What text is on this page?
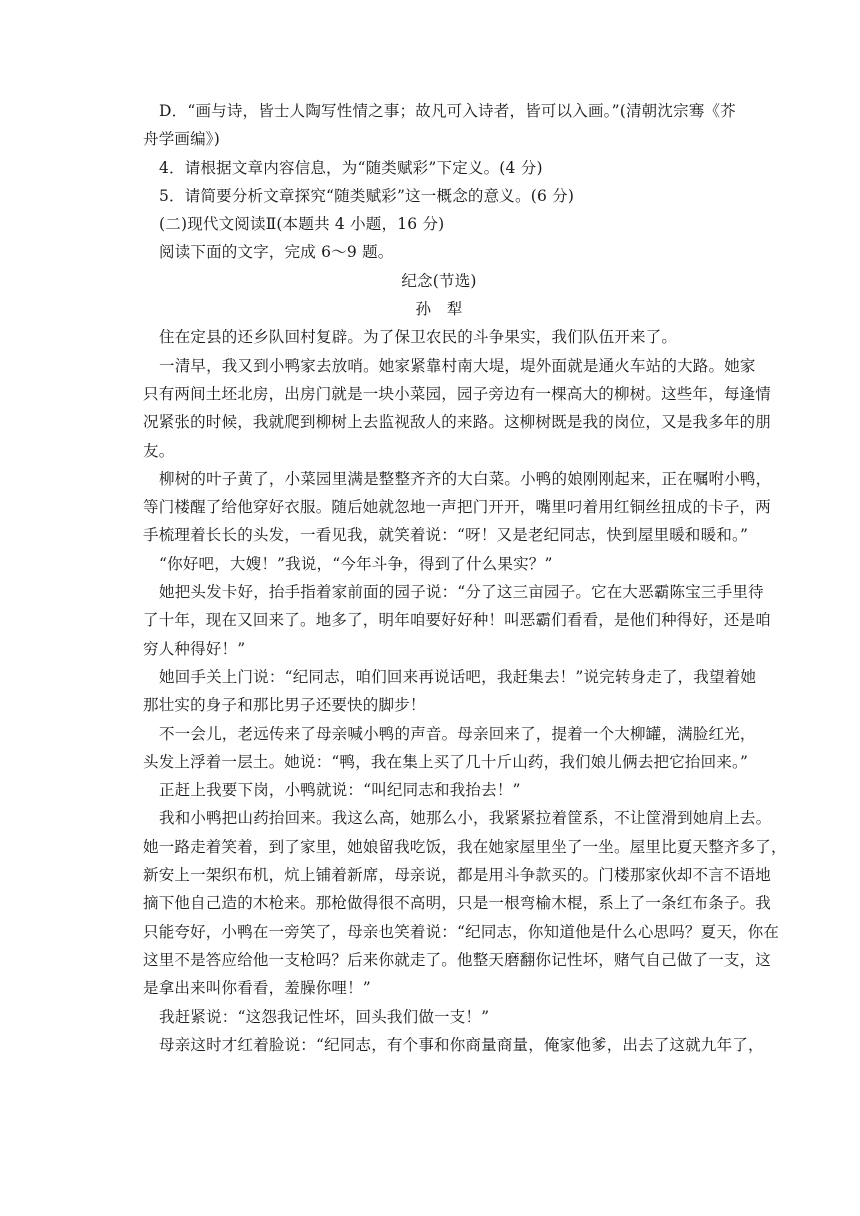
D．“画与诗，皆士人陶写性情之事；故凡可入诗者，皆可以入画。”(清朝沈宗骞《芥
舟学画编》)
4．请根据文章内容信息，为“随类赋彩”下定义。(4 分)
5．请简要分析文章探究“随类赋彩”这一概念的意义。(6 分)
(二)现代文阅读Ⅱ(本题共 4 小题，16 分)
阅读下面的文字，完成 6～9 题。
纪念(节选)
孙　犁
住在定县的还乡队回村复辟。为了保卫农民的斗争果实，我们队伍开来了。
一清早，我又到小鸭家去放哨。她家紧靠村南大堤，堤外面就是通火车站的大路。她家
只有两间土坯北房，出房门就是一块小菜园，园子旁边有一棵高大的柳树。这些年，每逢情
况紧张的时候，我就爬到柳树上去监视敌人的来路。这柳树既是我的岗位，又是我多年的朋
友。
柳树的叶子黄了，小菜园里满是整整齐齐的大白菜。小鸭的娘刚刚起来，正在嘱咐小鸭，
等门楼醒了给他穿好衣服。随后她就忽地一声把门开开，嘴里叼着用红铜丝扭成的卡子，两
手梳理着长长的头发，一看见我，就笑着说：“呀！又是老纪同志，快到屋里暖和暖和。”
“你好吧，大嫂！”我说，“今年斗争，得到了什么果实？”
她把头发卡好，抬手指着家前面的园子说：“分了这三亩园子。它在大恶霸陈宝三手里待
了十年，现在又回来了。地多了，明年咱要好好种！叫恶霸们看看，是他们种得好，还是咱
穷人种得好！”
她回手关上门说：“纪同志，咱们回来再说话吧，我赶集去！”说完转身走了，我望着她
那壮实的身子和那比男子还要快的脚步！
不一会儿，老远传来了母亲喊小鸭的声音。母亲回来了，提着一个大柳罐，满脸红光，
头发上浮着一层土。她说：“鸭，我在集上买了几十斤山药，我们娘儿俩去把它抬回来。”
正赶上我要下岗，小鸭就说：“叫纪同志和我抬去！”
我和小鸭把山药抬回来。我这么高，她那么小，我紧紧拉着筐系，不让筐滑到她肩上去。
她一路走着笑着，到了家里，她娘留我吃饭，我在她家屋里坐了一坐。屋里比夏天整齐多了，
新安上一架织布机，炕上铺着新席，母亲说，都是用斗争款买的。门楼那家伙却不言不语地
摘下他自己造的木枪来。那枪做得很不高明，只是一根弯榆木棍，系上了一条红布条子。我
只能夸好，小鸭在一旁笑了，母亲也笑着说：“纪同志，你知道他是什么心思吗？夏天，你在
这里不是答应给他一支枪吗？后来你就走了。他整天磨翻你记性坏，赌气自己做了一支，这
是拿出来叫你看看，羞臊你哩！”
我赶紧说：“这怨我记性坏，回头我们做一支！”
母亲这时才红着脸说：“纪同志，有个事和你商量商量，俺家他爹，出去了这就九年了，
